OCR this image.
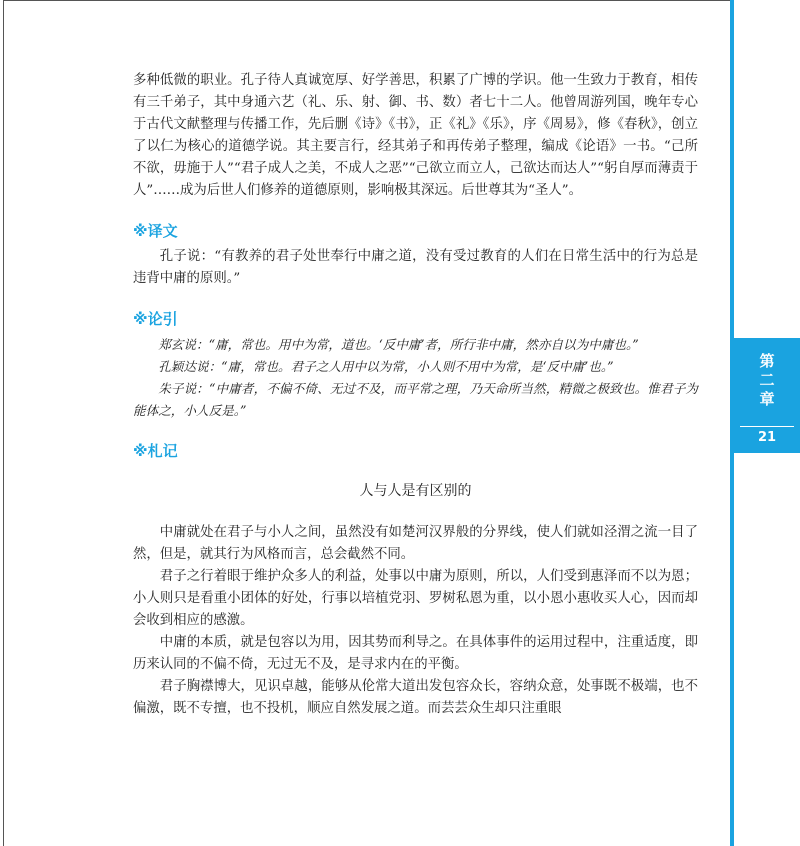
第
二
章
21

多种低微的职业。孔子待人真诚宽厚、好学善思，积累了广博的学识。他一生致力于教育，相传有三千弟子，其中身通六艺（礼、乐、射、御、书、数）者七十二人。他曾周游列国，晚年专心于古代文献整理与传播工作，先后删《诗》《书》，正《礼》《乐》，序《周易》，修《春秋》，创立了以仁为核心的道德学说。其主要言行，经其弟子和再传弟子整理，编成《论语》一书。“己所不欲，毋施于人”“君子成人之美，不成人之恶”“己欲立而立人，己欲达而达人”“躬自厚而薄责于人”……成为后世人们修养的道德原则，影响极其深远。后世尊其为“圣人”。

※译文

孔子说：“有教养的君子处世奉行中庸之道，没有受过教育的人们在日常生活中的行为总是违背中庸的原则。”

※论引

郑玄说：“庸，常也。用中为常，道也。‘反中庸’者，所行非中庸，然亦自以为中庸也。”

孔颖达说：“庸，常也。君子之人用中以为常，小人则不用中为常，是‘反中庸’也。”

朱子说：“中庸者，不偏不倚、无过不及，而平常之理，乃天命所当然，精微之极致也。惟君子为能体之，小人反是。”

※札记
人与人是有区别的

中庸就处在君子与小人之间，虽然没有如楚河汉界般的分界线，使人们就如泾渭之流一目了然，但是，就其行为风格而言，总会截然不同。

君子之行着眼于维护众多人的利益，处事以中庸为原则，所以，人们受到惠泽而不以为恩；小人则只是看重小团体的好处，行事以培植党羽、罗树私恩为重，以小恩小惠收买人心，因而却会收到相应的感激。

中庸的本质，就是包容以为用，因其势而利导之。在具体事件的运用过程中，注重适度，即历来认同的不偏不倚，无过无不及，是寻求内在的平衡。

君子胸襟博大，见识卓越，能够从伦常大道出发包容众长，容纳众意，处事既不极端，也不偏激，既不专擅，也不投机，顺应自然发展之道。而芸芸众生却只注重眼
